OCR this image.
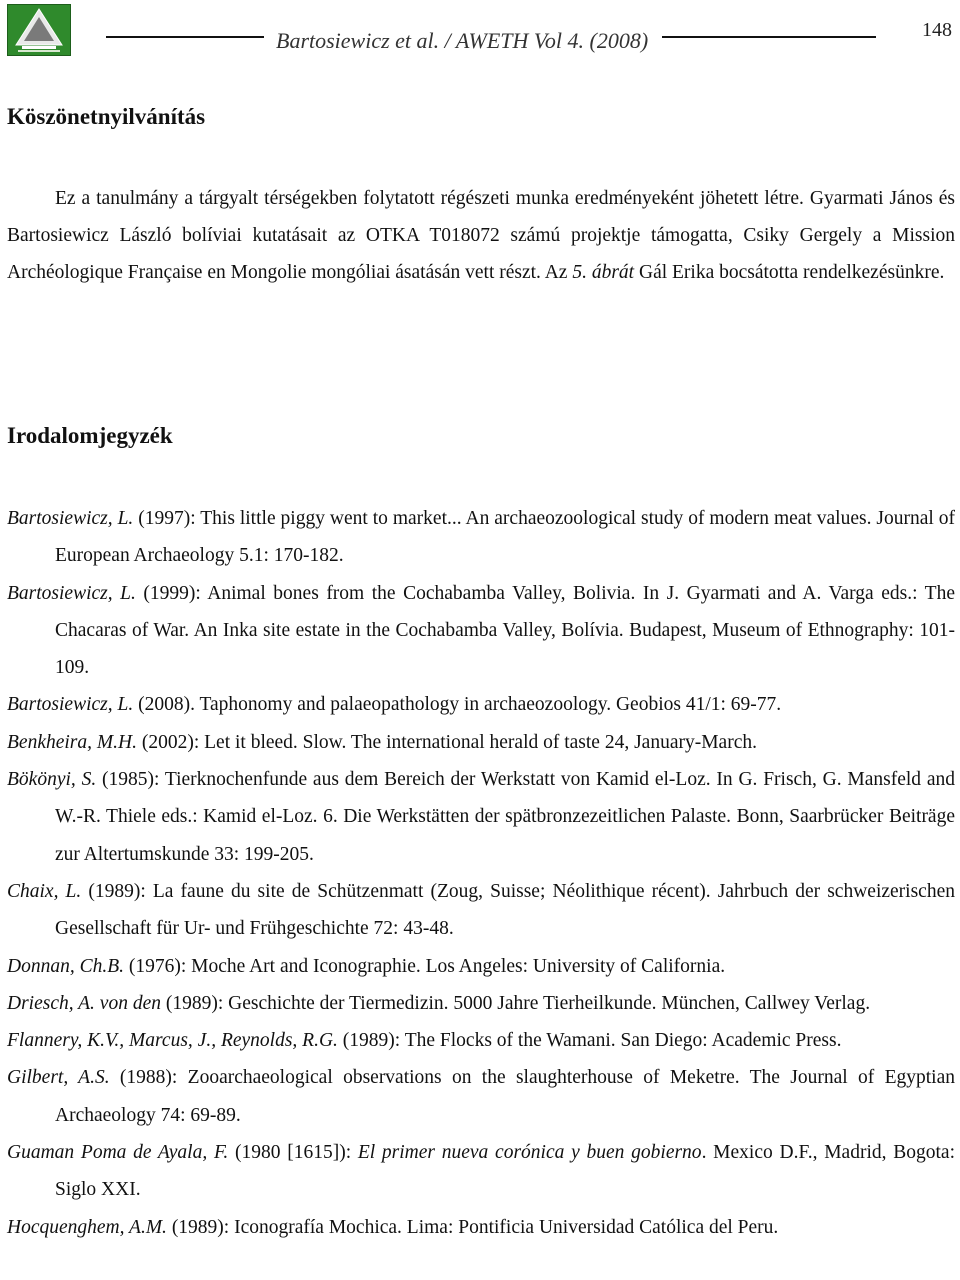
Bartosiewicz et al. / AWETH Vol 4. (2008)	148
Köszönetnyilvánítás

Ez a tanulmány a tárgyalt térségekben folytatott régészeti munka eredményeként jöhetett létre. Gyarmati János és Bartosiewicz László bolíviai kutatásait az OTKA T018072 számú projektje támogatta, Csiky Gergely a Mission Archéologique Française en Mongolie mongóliai ásatásán vett részt. Az 5. ábrát Gál Erika bocsátotta rendelkezésünkre.

Irodalomjegyzék
Bartosiewicz, L. (1997): This little piggy went to market... An archaeozoological study of modern meat values. Journal of European Archaeology 5.1: 170-182.
Bartosiewicz, L. (1999): Animal bones from the Cochabamba Valley, Bolivia. In J. Gyarmati and A. Varga eds.: The Chacaras of War. An Inka site estate in the Cochabamba Valley, Bolívia. Budapest, Museum of Ethnography: 101-109.
Bartosiewicz, L. (2008). Taphonomy and palaeopathology in archaeozoology. Geobios 41/1: 69-77.
Benkheira, M.H. (2002): Let it bleed. Slow. The international herald of taste 24, January-March.
Bökönyi, S. (1985): Tierknochenfunde aus dem Bereich der Werkstatt von Kamid el-Loz. In G. Frisch, G. Mansfeld and W.-R. Thiele eds.: Kamid el-Loz. 6. Die Werkstätten der spätbronzezeitlichen Palaste. Bonn, Saarbrücker Beiträge zur Altertumskunde 33: 199-205.
Chaix, L. (1989): La faune du site de Schützenmatt (Zoug, Suisse; Néolithique récent). Jahrbuch der schweizerischen Gesellschaft für Ur- und Frühgeschichte 72: 43-48.
Donnan, Ch.B. (1976): Moche Art and Iconographie. Los Angeles: University of California.
Driesch, A. von den (1989): Geschichte der Tiermedizin. 5000 Jahre Tierheilkunde. München, Callwey Verlag.
Flannery, K.V., Marcus, J., Reynolds, R.G. (1989): The Flocks of the Wamani. San Diego: Academic Press.
Gilbert, A.S. (1988): Zooarchaeological observations on the slaughterhouse of Meketre. The Journal of Egyptian Archaeology 74: 69-89.
Guaman Poma de Ayala, F. (1980 [1615]): El primer nueva corónica y buen gobierno. Mexico D.F., Madrid, Bogota: Siglo XXI.
Hocquenghem, A.M. (1989): Iconografía Mochica. Lima: Pontificia Universidad Católica del Peru.
